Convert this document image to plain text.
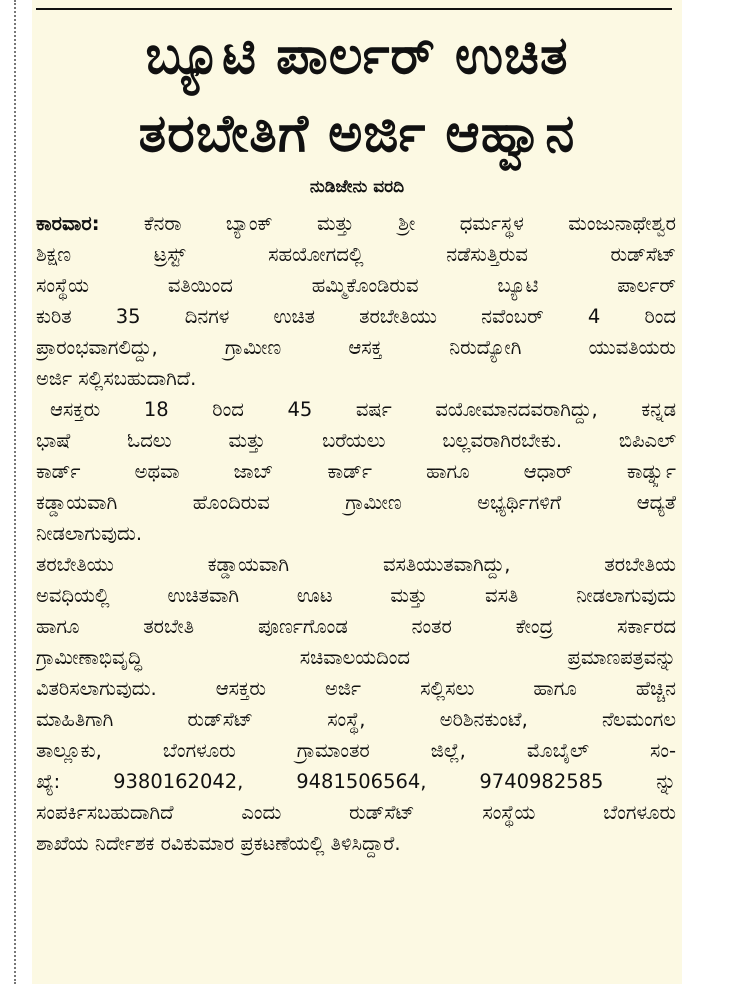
ಬ್ಯೂಟಿ ಪಾರ್ಲರ್ ಉಚಿತ
ತರಬೇತಿಗೆ ಅರ್ಜಿ ಆಹ್ವಾನ
ನುಡಿಜೇನು ವರದಿ
ಕಾರವಾರ: ಕೆನರಾ ಬ್ಯಾಂಕ್ ಮತ್ತು ಶ್ರೀ ಧರ್ಮಸ್ಥಳ ಮಂಜುನಾಥೇಶ್ವರ
ಶಿಕ್ಷಣ ಟ್ರಸ್ಟ್ ಸಹಯೋಗದಲ್ಲಿ ನಡೆಸುತ್ತಿರುವ ರುಡ್‌ಸೆಟ್
ಸಂಸ್ಥೆಯ ವತಿಯಿಂದ ಹಮ್ಮಿಕೊಂಡಿರುವ ಬ್ಯೂಟಿ ಪಾರ್ಲರ್
ಕುರಿತ 35 ದಿನಗಳ ಉಚಿತ ತರಬೇತಿಯು ನವೆಂಬರ್ 4 ರಿಂದ
ಪ್ರಾರಂಭವಾಗಲಿದ್ದು, ಗ್ರಾಮೀಣ ಆಸಕ್ತ ನಿರುದ್ಯೋಗಿ ಯುವತಿಯರು
ಅರ್ಜಿ ಸಲ್ಲಿಸಬಹುದಾಗಿದೆ.
ಆಸಕ್ತರು 18 ರಿಂದ 45 ವರ್ಷ ವಯೋಮಾನದವರಾಗಿದ್ದು, ಕನ್ನಡ
ಭಾಷೆ ಓದಲು ಮತ್ತು ಬರೆಯಲು ಬಲ್ಲವರಾಗಿರಬೇಕು. ಬಿಪಿಎಲ್
ಕಾರ್ಡ್ ಅಥವಾ ಜಾಬ್ ಕಾರ್ಡ್ ಹಾಗೂ ಆಧಾರ್ ಕಾರ್ಡ್ನ್ನು
ಕಡ್ಡಾಯವಾಗಿ ಹೊಂದಿರುವ ಗ್ರಾಮೀಣ ಅಭ್ಯರ್ಥಿಗಳಿಗೆ ಆದ್ಯತೆ
ನೀಡಲಾಗುವುದು.
ತರಬೇತಿಯು ಕಡ್ಡಾಯವಾಗಿ ವಸತಿಯುತವಾಗಿದ್ದು, ತರಬೇತಿಯ
ಅವಧಿಯಲ್ಲಿ ಉಚಿತವಾಗಿ ಊಟ ಮತ್ತು ವಸತಿ ನೀಡಲಾಗುವುದು
ಹಾಗೂ ತರಬೇತಿ ಪೂರ್ಣಗೊಂಡ ನಂತರ ಕೇಂದ್ರ ಸರ್ಕಾರದ
ಗ್ರಾಮೀಣಾಭಿವೃದ್ಧಿ ಸಚಿವಾಲಯದಿಂದ ಪ್ರಮಾಣಪತ್ರವನ್ನು
ವಿತರಿಸಲಾಗುವುದು. ಆಸಕ್ತರು ಅರ್ಜಿ ಸಲ್ಲಿಸಲು ಹಾಗೂ ಹೆಚ್ಚಿನ
ಮಾಹಿತಿಗಾಗಿ ರುಡ್‌ಸೆಟ್ ಸಂಸ್ಥೆ, ಅರಿಶಿನಕುಂಟೆ, ನೆಲಮಂಗಲ
ತಾಲ್ಲೂಕು, ಬೆಂಗಳೂರು ಗ್ರಾಮಾಂತರ ಜಿಲ್ಲೆ, ಮೊಬೈಲ್ ಸಂ-
ಖ್ಯೆ: 9380162042, 9481506564, 9740982585 ನ್ನು
ಸಂಪರ್ಕಿಸಬಹುದಾಗಿದೆ ಎಂದು ರುಡ್‌ಸೆಟ್ ಸಂಸ್ಥೆಯ ಬೆಂಗಳೂರು
ಶಾಖೆಯ ನಿರ್ದೇಶಕ ರವಿಕುಮಾರ ಪ್ರಕಟಣೆಯಲ್ಲಿ ತಿಳಿಸಿದ್ದಾರೆ.
